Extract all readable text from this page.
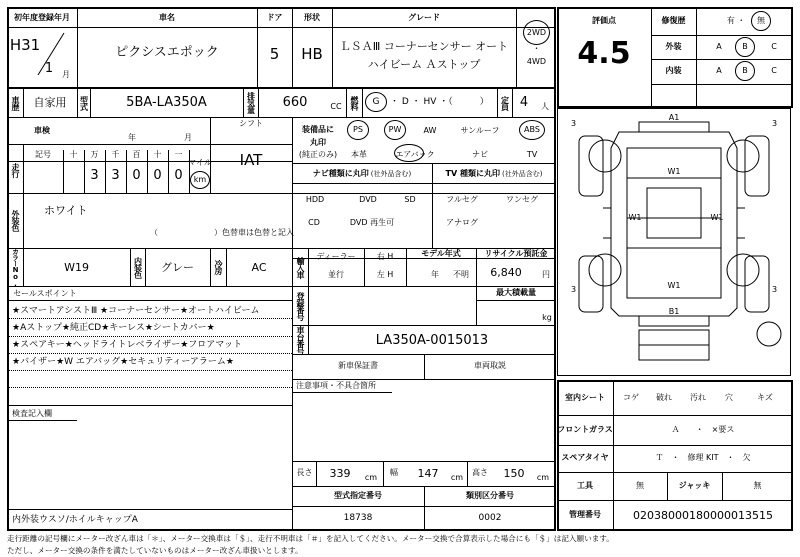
初年度登録年月
H31
1	月
車名
ピクシスエポック
ドア
5
形状
HB
グレード
ＬＳＡⅢ コーナーセンサー オート
ハイビーム Ａストップ
2WD
・
4WD
車歴	自家用	型式	5BA-LA350A	排気量	660	CC	燃料	G	・ D ・ HV ・（　　　）	定員 4	人
車検
年	月
シフト
IAT
走行
記号	十	万	千	百	十	一
3 3 0 0 0
マイル
km
装備品に
丸印
(純正のみ)
PS	PW	AW	サンルーフ	ABS
本革	エアバック	ナビ	TV
外装色 ホワイト
（　　　　　　　）色替車は色替と記入
ナビ種類に丸印 (社外品含む)
HDD	DVD	SD
CD	DVD 再生可
TV 種類に丸印 (社外品含む)
フルセグ	ワンセグ
アナログ
カラーNo.	W19	内装色	グレー	冷房	AC	輸入車	ディーラー
並行
右 H
左 H
モデル年式
年	不明
リサイクル預託金
6,840	円
セールスポイント
★スマートアシストⅢ ★コーナーセンサー★オートハイビーム
★Aストップ★純正CD★キーレス★シートカバー★
★スペアキー★ヘッドライトレベライザー★フロアマット
★バイザー★W エアバッグ★セキュリティーアラーム★
登録番号	最大積載量
kg
車台番号	LA350A-0015013
新車保証書	車両取説
注意事項・不具合箇所
検査記入欄
内外装ウスソ/ホイルキャップA
長さ	339	cm
幅	147	cm
高さ	150	cm
型式指定番号
18738
類別区分番号
0002
評価点
4.5
修復歴	有 ・	無
外装	A	B	C
内装	A	B	C
A1
W1
W1	W1
W1
B1
3	3
3	3
室内シート	コゲ	破れ	汚れ	穴	キズ
フロントガラス	Ａ　　・　×要ス
スペアタイヤ	Ｔ　・　修理 KIT　・　欠
工具	無	ジャッキ	無
管理番号	020380001800000135​15
走行距離の記号欄にメーター改ざん車は「＊」、メーター交換車は「＄」、走行不明車は「＃」を記入してください。メーター交換で合算表示した場合にも「＄」は記入願います。
ただし、メーター交換の条件を満たしていないものはメーター改ざん車扱いとします。
